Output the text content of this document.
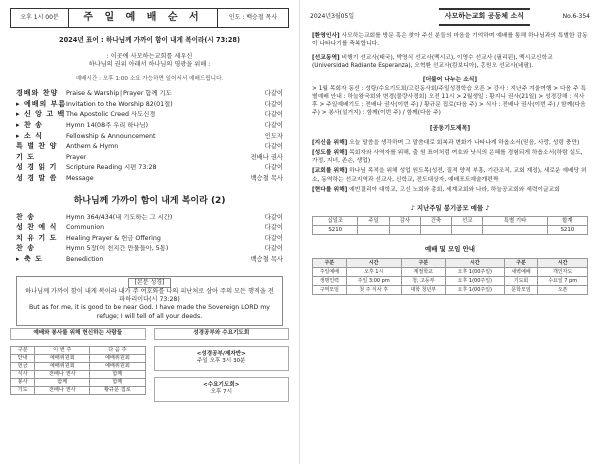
오후 1시 00분	주 일 예 배 순 서	인도 : 백승철 목사
2024년 표어 : 하나님께 가까이 함이 내게 복이라(시 73:28)
: 이곳에 사모하는교회를 세우신
하나님의 권위 아래서 하나님의 영광을 위해 :
예배시간 : 오후 1:00 소요 가능하면 일어서서 예배드립니다.
경배와 찬양	Praise & Warship│Prayer 함께 기도	다같이
▸ 예배의 부름 Invitation to the Worship 82(01절)	다같이
▸ 신 앙 고 백 The Apostolic Creed 사도신경	다같이
▸ 찬 송	Hymn 14(08주 우리 하나님)	다같이
▸ 소 식	Fellowship & Announcement	인도자
특 별 찬 양	Anthem & Hymn	다같이
기 도	Prayer	전배나 권사
성 경 읽 기	Scripture Reading 시편 73:28	다같이
성 경 말 씀	Message	백승철 목사
하나님께 가까이 함이 내게 복이라 (2)
찬 송	Hymn 364/434(내 기도하는 그 시간)	다같이
성 찬 예 식	Communion	다같이
치 유 기 도	Healing Prayer & 헌금 Offering	다같이
찬 송	Hymn 5장(이 천지간 만물들아, 5통)	다같이
▸ 축 도	Benediction	백승철 목사
[본문 성경]
하나님께 가까이 함이 내게 복이라 내가 주 여호와를 나의 피난처로 삼아 주의 모든 행적을 전파하리이다(시 73:28)
But as for me, it is good to be near God. I have made the Sovereign LORD my refuge; I will tell of all your deeds.
예배와 봉사를 위해 헌신하는 사람들
구분	이 번 주	다 음 주
안내	예배위원회	예배위원회
헌금	예배위원회	예배위원회
식사	전배나 권사	함께
봉사	함께	함께
기도	전배나 권사	황규문 집로
성경공부와 수요기도회
<성경공부/제자반>
주일 오후 3시 30분
<수요기도회>
오후 7시
2024년3월05일	사모하는교회 공동체 소식	No.6-354
[환영인사] 사모하는교회를 방문 혹은 찾아 주신 분들의 마음을 기억하며 예배를 통해 하나님과의 특별한 감동이 나타나기를 축복합니다.
[선교동역] 비행기 선교사(태국), 박영식 선교사(멕시코), 이영수 선교사 (필리핀), 멕시코신학교(Universidad Radiante Esperanza), 오혁환 선교사(캄보디아), 홍원오 선교사(네팔).
[더불어 나누는 소식]
> 1월 목회자 동선 : 성탕/수요기도회/고린동사회/주일성경학습 오픈 > 강사 : 지난주 겨울여행 > 다음 주 특별예배 안내 : 하늘왕국회와 변경(물량사경회) 오전 11시 > 2월생일 : 황지니 권사(21일) > 성경강해 : 식사 후 > 주일예배기도 : 전배나 권사(이번 주) / 황규문 집로(다음 주) > 식사 : 전배나 권사(이번 주) / 함께(다음 주) > 봉사(설거지) : 함께(이번 주) / 함께(다음 주)
[공동기도제목]
[지신을 위해] 오늘 말씀을 생각하며 그 말씀대로 회복과 변화가 나타나게 하옵소서(믿음, 사랑, 성령 충만)
[성도를 위해] 목회자와 사역자를 위해, 출 원 표어처럼 여호와 낫식의 은혜를 경험되게 하옵소서(하람 실도, 가정, 지녀, 존손, 생업)
[교회를 위해] 하나님 목적을 위해 성업 원도목(성전, 질적 양적 부흥, 기관조직, 교회 재정), 새로운 예배당 허소, 동역하는 선교지역과 선교사, 신학교, 전도대상자, 예배포트예술개편짝
[현다를 위해] 예빈결리아 대학교, 고신 노회와 총회, 세계교회와 나라, 하늘공교회와 세력이글교회
♪ 지난주일 봉기공모 예물 ♪
십일조	주일	감사	건축	선교	특별 기타	합계
S210						S210
예배 및 모임 안내
구분	시간	구분	시간	구분	시간
주일예배	오후 1시	계절학교	오후 1(00주일)	새벽예배	개인자도
생명인력	주일 3:00 pm	청, 고등부	오후 1(00주일)	기도회	수요일 7 pm
구역모임	첫 주 식사 후	대학 청년부	오후 1(00주일)	문학모임	오픈
